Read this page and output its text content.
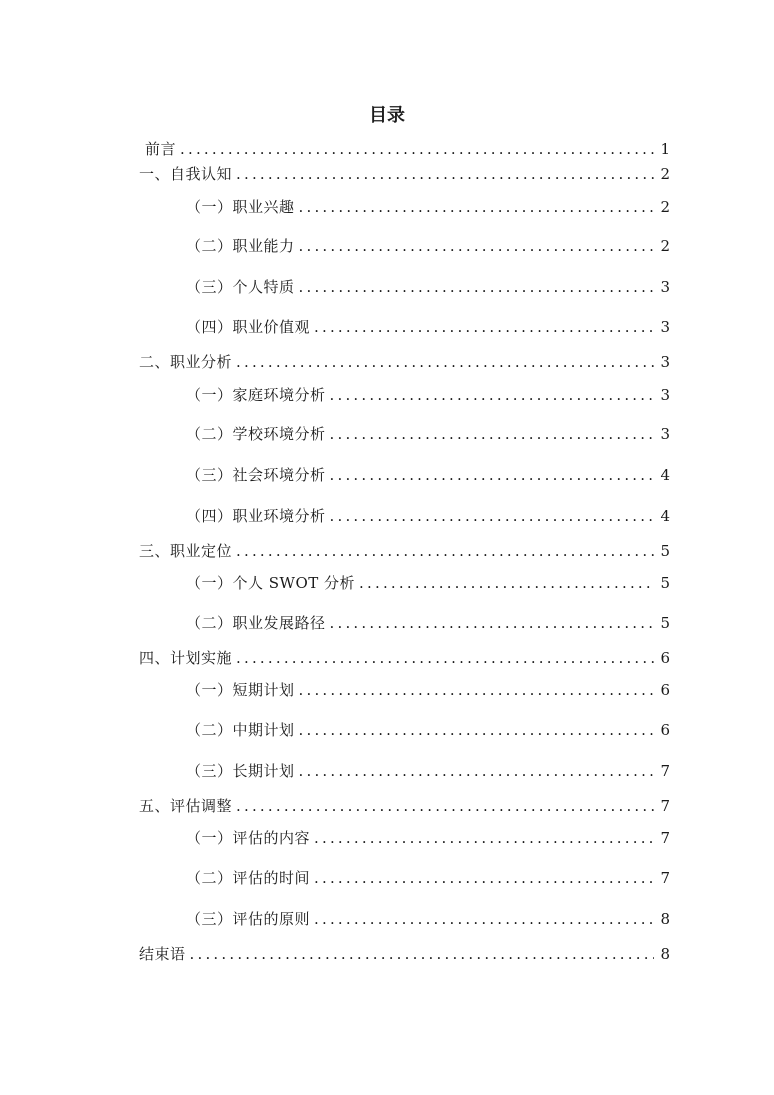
目录
前言 .....	1
一、自我认知 .....	2
（一）职业兴趣 .....	2
（二）职业能力 .....	2
（三）个人特质 .....	3
（四）职业价值观 .....	3
二、职业分析 .....	3
（一）家庭环境分析 .....	3
（二）学校环境分析 .....	3
（三）社会环境分析 .....	4
（四）职业环境分析 .....	4
三、职业定位 .....	5
（一）个人 SWOT 分析 .....	5
（二）职业发展路径 .....	5
四、计划实施 .....	6
（一）短期计划 .....	6
（二）中期计划 .....	6
（三）长期计划 .....	7
五、评估调整 .....	7
（一）评估的内容 .....	7
（二）评估的时间 .....	7
（三）评估的原则 .....	8
结束语 .....	8
